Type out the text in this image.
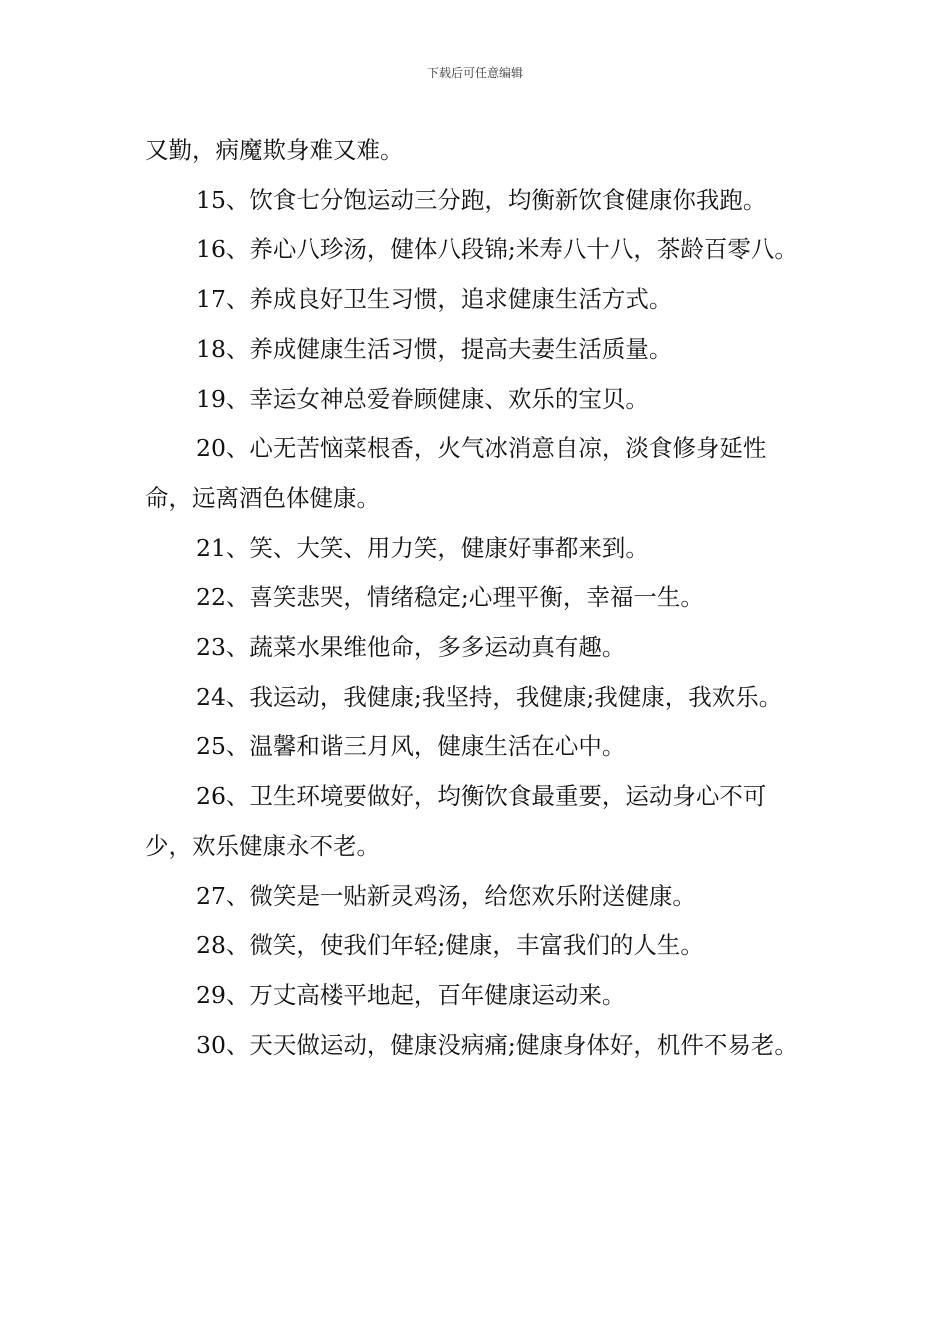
下载后可任意编辑

又勤，病魔欺身难又难。

15、饮食七分饱运动三分跑，均衡新饮食健康你我跑。

16、养心八珍汤，健体八段锦;米寿八十八，茶龄百零八。

17、养成良好卫生习惯，追求健康生活方式。

18、养成健康生活习惯，提高夫妻生活质量。

19、幸运女神总爱眷顾健康、欢乐的宝贝。

20、心无苦恼菜根香，火气冰消意自凉，淡食修身延性命，远离酒色体健康。

21、笑、大笑、用力笑，健康好事都来到。

22、喜笑悲哭，情绪稳定;心理平衡，幸福一生。

23、蔬菜水果维他命，多多运动真有趣。

24、我运动，我健康;我坚持，我健康;我健康，我欢乐。

25、温馨和谐三月风，健康生活在心中。

26、卫生环境要做好，均衡饮食最重要，运动身心不可少，欢乐健康永不老。

27、微笑是一贴新灵鸡汤，给您欢乐附送健康。

28、微笑，使我们年轻;健康，丰富我们的人生。

29、万丈高楼平地起，百年健康运动来。

30、天天做运动，健康没病痛;健康身体好，机件不易老。
